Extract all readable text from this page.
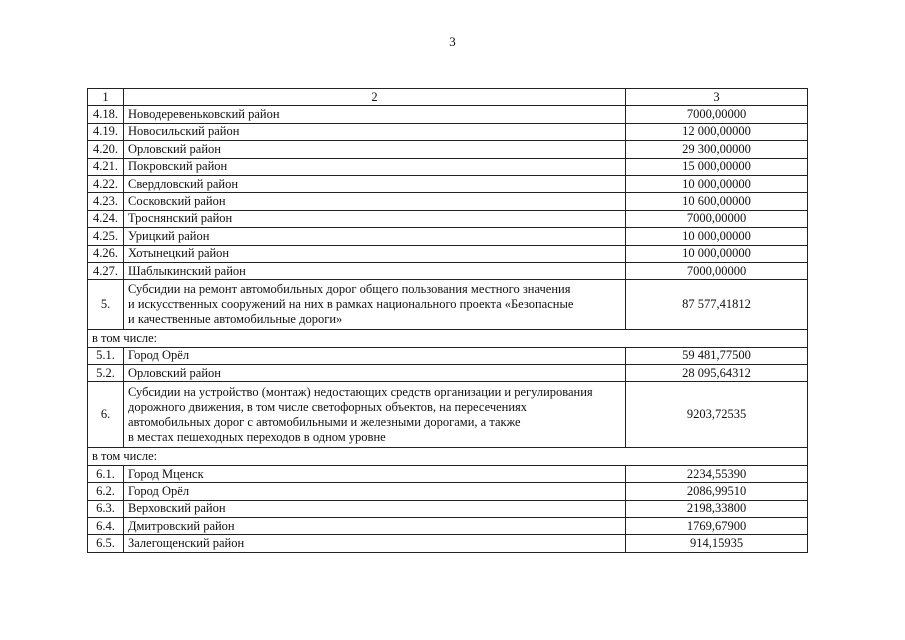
3
1	2	3
4.18.	Новодеревеньковский район	7000,00000
4.19.	Новосильский район	12 000,00000
4.20.	Орловский район	29 300,00000
4.21.	Покровский район	15 000,00000
4.22.	Свердловский район	10 000,00000
4.23.	Сосковский район	10 600,00000
4.24.	Троснянский район	7000,00000
4.25.	Урицкий район	10 000,00000
4.26.	Хотынецкий район	10 000,00000
4.27.	Шаблыкинский район	7000,00000
5.	Субсидии на ремонт автомобильных дорог общего пользования местного значения
и искусственных сооружений на них в рамках национального проекта «Безопасные
и качественные автомобильные дороги»	87 577,41812
в том числе:		
5.1.	Город Орёл	59 481,77500
5.2.	Орловский район	28 095,64312
6.	Субсидии на устройство (монтаж) недостающих средств организации и регулирования
дорожного движения, в том числе светофорных объектов, на пересечениях
автомобильных дорог с автомобильными и железными дорогами, а также
в местах пешеходных переходов в одном уровне	9203,72535
в том числе:		
6.1.	Город Мценск	2234,55390
6.2.	Город Орёл	2086,99510
6.3.	Верховский район	2198,33800
6.4.	Дмитровский район	1769,67900
6.5.	Залегощенский район	914,15935
